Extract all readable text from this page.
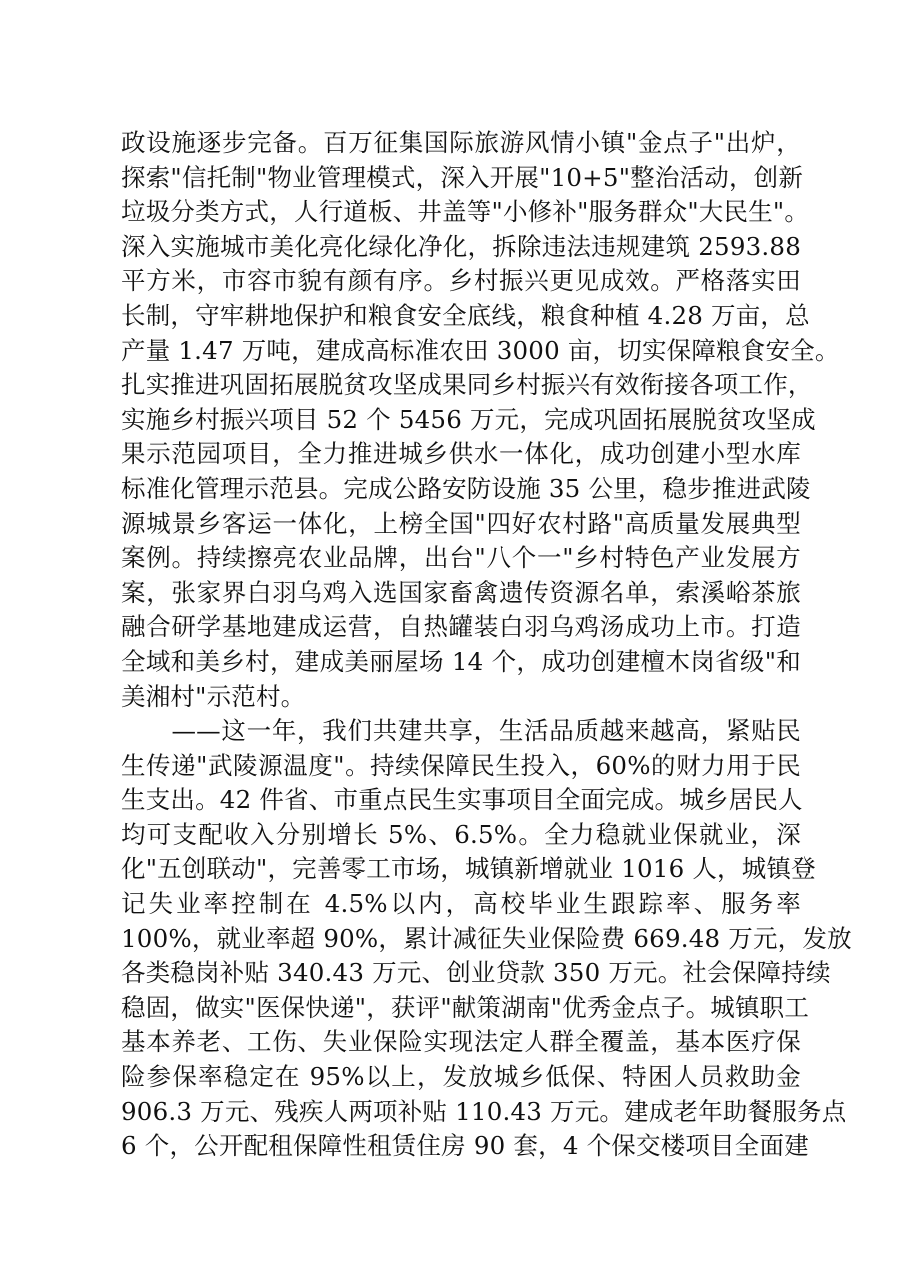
政设施逐步完备。百万征集国际旅游风情小镇"金点子"出炉，
探索"信托制"物业管理模式，深入开展"10+5"整治活动，创新
垃圾分类方式，人行道板、井盖等"小修补"服务群众"大民生"。
深入实施城市美化亮化绿化净化，拆除违法违规建筑 2593.88
平方米，市容市貌有颜有序。乡村振兴更见成效。严格落实田
长制，守牢耕地保护和粮食安全底线，粮食种植 4.28 万亩，总
产量 1.47 万吨，建成高标准农田 3000 亩，切实保障粮食安全。
扎实推进巩固拓展脱贫攻坚成果同乡村振兴有效衔接各项工作，
实施乡村振兴项目 52 个 5456 万元，完成巩固拓展脱贫攻坚成
果示范园项目，全力推进城乡供水一体化，成功创建小型水库
标准化管理示范县。完成公路安防设施 35 公里，稳步推进武陵
源城景乡客运一体化，上榜全国"四好农村路"高质量发展典型
案例。持续擦亮农业品牌，出台"八个一"乡村特色产业发展方
案，张家界白羽乌鸡入选国家畜禽遗传资源名单，索溪峪茶旅
融合研学基地建成运营，自热罐装白羽乌鸡汤成功上市。打造
全域和美乡村，建成美丽屋场 14 个，成功创建檀木岗省级"和
美湘村"示范村。
　　——这一年，我们共建共享，生活品质越来越高，紧贴民
生传递"武陵源温度"。持续保障民生投入，60%的财力用于民
生支出。42 件省、市重点民生实事项目全面完成。城乡居民人
均可支配收入分别增长 5%、6.5%。全力稳就业保就业，深
化"五创联动"，完善零工市场，城镇新增就业 1016 人，城镇登
记失业率控制在 4.5%以内，高校毕业生跟踪率、服务率
100%，就业率超 90%，累计减征失业保险费 669.48 万元，发放
各类稳岗补贴 340.43 万元、创业贷款 350 万元。社会保障持续
稳固，做实"医保快递"，获评"献策湖南"优秀金点子。城镇职工
基本养老、工伤、失业保险实现法定人群全覆盖，基本医疗保
险参保率稳定在 95%以上，发放城乡低保、特困人员救助金
906.3 万元、残疾人两项补贴 110.43 万元。建成老年助餐服务点
6 个，公开配租保障性租赁住房 90 套，4 个保交楼项目全面建
